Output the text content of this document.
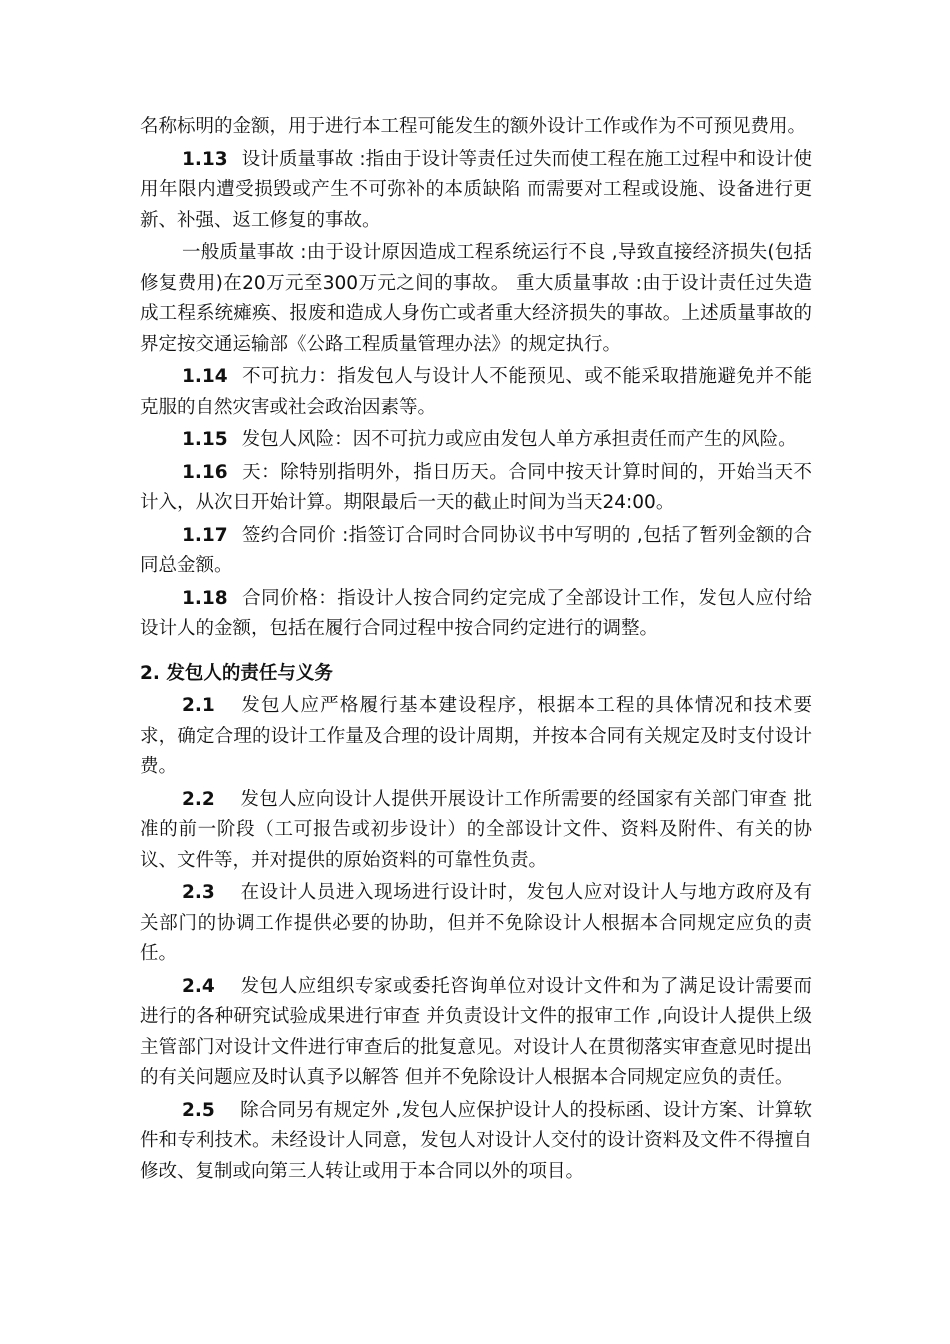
名称标明的金额，用于进行本工程可能发生的额外设计工作或作为不可预见费用。

1.13 设计质量事故 :指由于设计等责任过失而使工程在施工过程中和设计使用年限内遭受损毁或产生不可弥补的本质缺陷 而需要对工程或设施、设备进行更新、补强、返工修复的事故。

一般质量事故 :由于设计原因造成工程系统运行不良 ,导致直接经济损失(包括修复费用)在20万元至300万元之间的事故。 重大质量事故 :由于设计责任过失造成工程系统瘫痪、报废和造成人身伤亡或者重大经济损失的事故。上述质量事故的界定按交通运输部《公路工程质量管理办法》的规定执行。

1.14 不可抗力：指发包人与设计人不能预见、或不能采取措施避免并不能克服的自然灾害或社会政治因素等。

1.15 发包人风险：因不可抗力或应由发包人单方承担责任而产生的风险。

1.16 天：除特别指明外，指日历天。合同中按天计算时间的，开始当天不计入，从次日开始计算。期限最后一天的截止时间为当天24:00。

1.17 签约合同价 :指签订合同时合同协议书中写明的 ,包括了暂列金额的合同总金额。

1.18 合同价格：指设计人按合同约定完成了全部设计工作，发包人应付给设计人的金额，包括在履行合同过程中按合同约定进行的调整。

2. 发包人的责任与义务

2.1 发包人应严格履行基本建设程序，根据本工程的具体情况和技术要求，确定合理的设计工作量及合理的设计周期，并按本合同有关规定及时支付设计费。

2.2 发包人应向设计人提供开展设计工作所需要的经国家有关部门审查 批准的前一阶段（工可报告或初步设计）的全部设计文件、资料及附件、有关的协议、文件等，并对提供的原始资料的可靠性负责。

2.3 在设计人员进入现场进行设计时，发包人应对设计人与地方政府及有关部门的协调工作提供必要的协助，但并不免除设计人根据本合同规定应负的责任。

2.4 发包人应组织专家或委托咨询单位对设计文件和为了满足设计需要而进行的各种研究试验成果进行审查 并负责设计文件的报审工作 ,向设计人提供上级主管部门对设计文件进行审查后的批复意见。对设计人在贯彻落实审查意见时提出的有关问题应及时认真予以解答 但并不免除设计人根据本合同规定应负的责任。

2.5 除合同另有规定外 ,发包人应保护设计人的投标函、设计方案、计算软件和专利技术。未经设计人同意，发包人对设计人交付的设计资料及文件不得擅自修改、复制或向第三人转让或用于本合同以外的项目。
